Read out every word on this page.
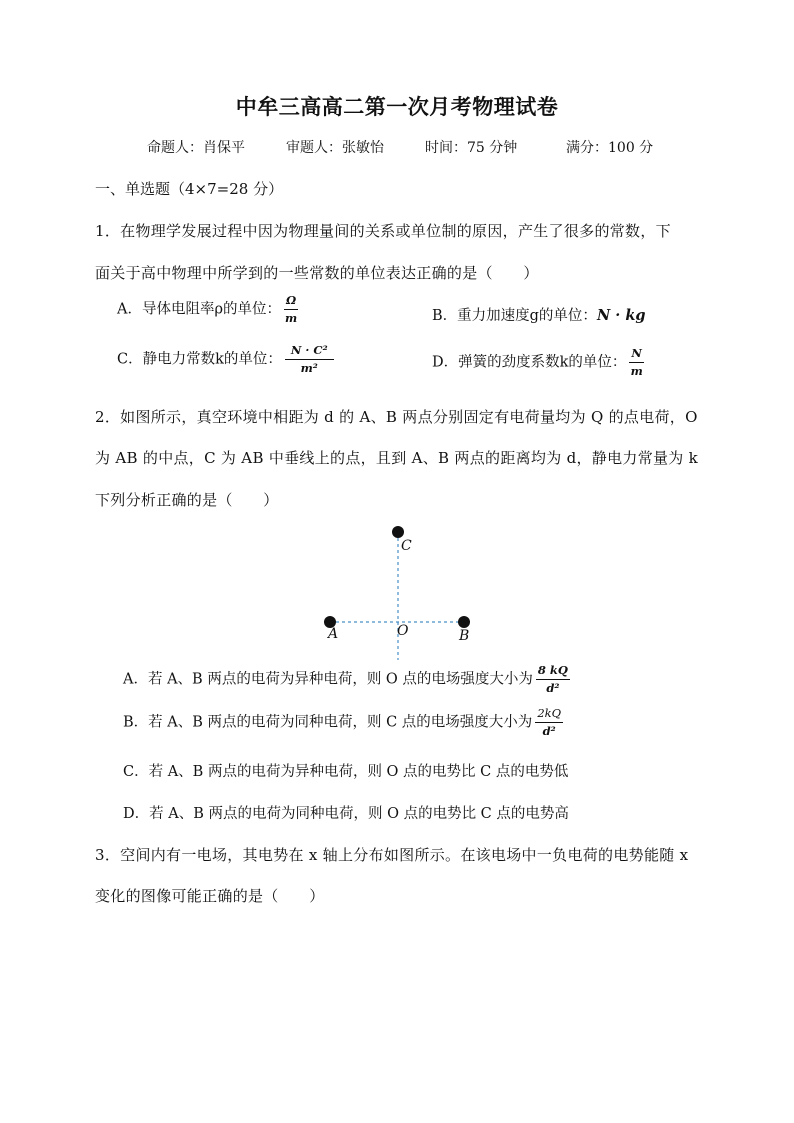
中牟三高高二第一次月考物理试卷
命题人：肖保平	审题人：张敏怡	时间：75 分钟	满分：100 分
一、单选题（4×7=28 分）
1．在物理学发展过程中因为物理量间的关系或单位制的原因，产生了很多的常数，下
面关于高中物理中所学到的一些常数的单位表达正确的是（　　）
A．导体电阻率ρ的单位： $\frac{\Omega}{m}$	B．重力加速度g的单位：N · kg
C．静电力常数k的单位： $\frac{\text{N · C²}}{\text{m²}}$	D．弹簧的劲度系数k的单位： $\frac{N}{m}$
2．如图所示，真空环境中相距为 d 的 A、B 两点分别固定有电荷量均为 Q 的点电荷，O
为 AB 的中点，C 为 AB 中垂线上的点，且到 A、B 两点的距离均为 d，静电力常量为 k
下列分析正确的是（　　）
C
A	O	B
A．若 A、B 两点的电荷为异种电荷，则 O 点的电场强度大小为 $\frac{8 kQ}{\text{d²}}$
B．若 A、B 两点的电荷为同种电荷，则 C 点的电场强度大小为 $\frac{2kQ}{\text{d²}}$
C．若 A、B 两点的电荷为异种电荷，则 O 点的电势比 C 点的电势低
D．若 A、B 两点的电荷为同种电荷，则 O 点的电势比 C 点的电势高
3．空间内有一电场，其电势在 x 轴上分布如图所示。在该电场中一负电荷的电势能随 x
变化的图像可能正确的是（　　）
